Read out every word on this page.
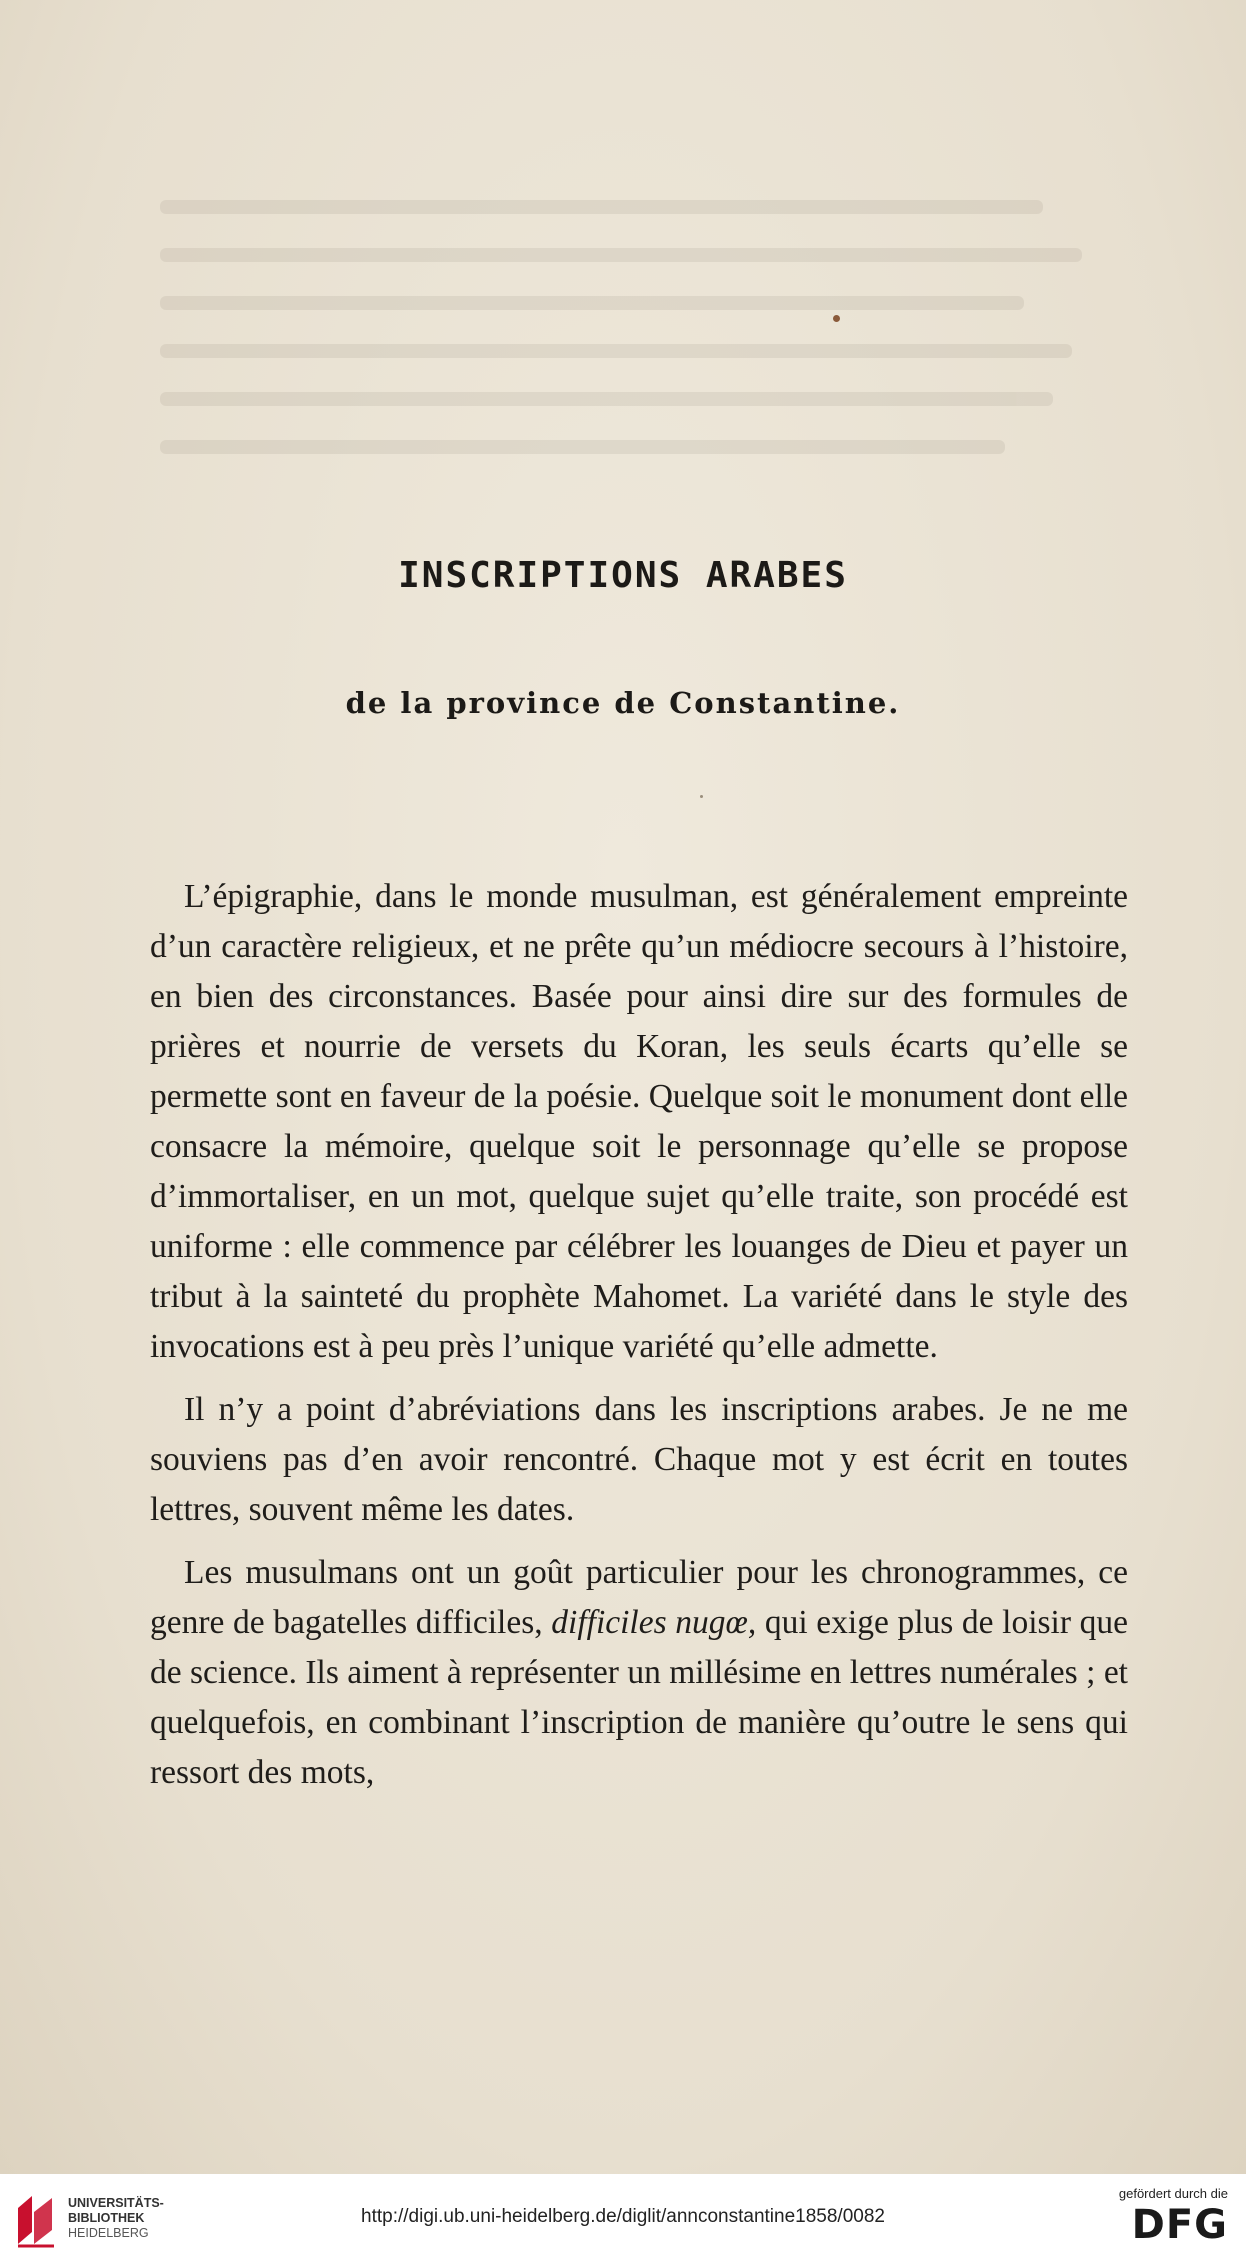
INSCRIPTIONS ARABES
de la province de Constantine.

L’épigraphie, dans le monde musulman, est généralement empreinte d’un caractère religieux, et ne prête qu’un médiocre secours à l’histoire, en bien des circonstances. Basée pour ainsi dire sur des formules de prières et nourrie de versets du Koran, les seuls écarts qu’elle se permette sont en faveur de la poésie. Quelque soit le monument dont elle consacre la mémoire, quelque soit le personnage qu’elle se propose d’immortaliser, en un mot, quelque sujet qu’elle traite, son procédé est uniforme : elle commence par célébrer les louanges de Dieu et payer un tribut à la sainteté du prophète Mahomet. La variété dans le style des invocations est à peu près l’unique variété qu’elle admette.

Il n’y a point d’abréviations dans les inscriptions arabes. Je ne me souviens pas d’en avoir rencontré. Chaque mot y est écrit en toutes lettres, souvent même les dates.

Les musulmans ont un goût particulier pour les chronogrammes, ce genre de bagatelles difficiles, difficiles nugœ, qui exige plus de loisir que de science. Ils aiment à représenter un millésime en lettres numérales ; et quelquefois, en combinant l’inscription de manière qu’outre le sens qui ressort des mots,

UNIVERSITÄTS-
BIBLIOTHEK
HEIDELBERG
http://digi.ub.uni-heidelberg.de/diglit/annconstantine1858/0082
gefördert durch die
DFG
